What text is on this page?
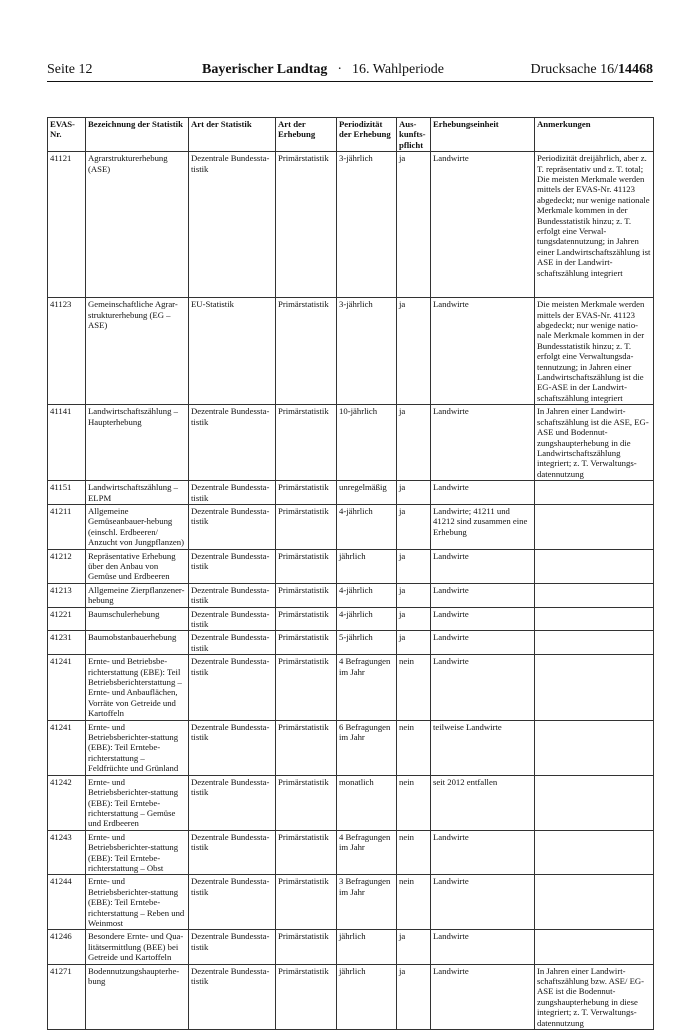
Seite 12	Bayerischer Landtag · 16. Wahlperiode	Drucksache 16/14468
EVAS-Nr.	Bezeichnung der Statistik	Art der Statistik	Art der Erhebung	Periodizität der Erhebung	Aus-kunfts-pflicht	Erhebungseinheit	Anmerkungen
41121	Agrarstrukturerhebung (ASE)	Dezentrale Bundessta-tistik	Primärstatistik	3-jährlich	ja	Landwirte	Periodizität dreijährlich, aber z. T. repräsentativ und z. T. total; Die meisten Merkmale werden mittels der EVAS-Nr. 41123 abgedeckt; nur wenige nationale Merkmale kommen in der Bundesstatistik hinzu; z. T. erfolgt eine Verwal-tungsdatennutzung; in Jahren einer Landwirtschaftszählung ist ASE in der Landwirt-schaftszählung integriert
41123	Gemeinschaftliche Agrar-strukturerhebung (EG – ASE)	EU-Statistik	Primärstatistik	3-jährlich	ja	Landwirte	Die meisten Merkmale werden mittels der EVAS-Nr. 41123 abgedeckt; nur wenige natio-nale Merkmale kommen in der Bundesstatistik hinzu; z. T. erfolgt eine Verwaltungsda-tennutzung; in Jahren einer Landwirtschaftszählung ist die EG-ASE in der Landwirt-schaftszählung integriert
41141	Landwirtschaftszählung – Haupterhebung	Dezentrale Bundessta-tistik	Primärstatistik	10-jährlich	ja	Landwirte	In Jahren einer Landwirt-schaftszählung ist die ASE, EG-ASE und Bodennut-zungshaupterhebung in die Landwirtschaftszählung integriert; z. T. Verwaltungs-datennutzung
41151	Landwirtschaftszählung – ELPM	Dezentrale Bundessta-tistik	Primärstatistik	unregelmäßig	ja	Landwirte	
41211	Allgemeine Gemüseanbauer-hebung (einschl. Erdbeeren/ Anzucht von Jungpflanzen)	Dezentrale Bundessta-tistik	Primärstatistik	4-jährlich	ja	Landwirte; 41211 und 41212 sind zusammen eine Erhebung	
41212	Repräsentative Erhebung über den Anbau von Gemüse und Erdbeeren	Dezentrale Bundessta-tistik	Primärstatistik	jährlich	ja	Landwirte	
41213	Allgemeine Zierpflanzener-hebung	Dezentrale Bundessta-tistik	Primärstatistik	4-jährlich	ja	Landwirte	
41221	Baumschulerhebung	Dezentrale Bundessta-tistik	Primärstatistik	4-jährlich	ja	Landwirte	
41231	Baumobstanbauerhebung	Dezentrale Bundessta-tistik	Primärstatistik	5-jährlich	ja	Landwirte	
41241	Ernte- und Betriebsbe-richterstattung (EBE): Teil Betriebsberichterstattung – Ernte- und Anbauflächen, Vorräte von Getreide und Kartoffeln	Dezentrale Bundessta-tistik	Primärstatistik	4 Befragungen im Jahr	nein	Landwirte	
41241	Ernte- und Betriebsberichter-stattung (EBE): Teil Erntebe-richterstattung – Feldfrüchte und Grünland	Dezentrale Bundessta-tistik	Primärstatistik	6 Befragungen im Jahr	nein	teilweise Landwirte	
41242	Ernte- und Betriebsberichter-stattung (EBE): Teil Erntebe-richterstattung – Gemüse und Erdbeeren	Dezentrale Bundessta-tistik	Primärstatistik	monatlich	nein	seit 2012 entfallen	
41243	Ernte- und Betriebsberichter-stattung (EBE): Teil Erntebe-richterstattung – Obst	Dezentrale Bundessta-tistik	Primärstatistik	4 Befragungen im Jahr	nein	Landwirte	
41244	Ernte- und Betriebsberichter-stattung (EBE): Teil Erntebe-richterstattung – Reben und Weinmost	Dezentrale Bundessta-tistik	Primärstatistik	3 Befragungen im Jahr	nein	Landwirte	
41246	Besondere Ernte- und Qua-litätsermittlung (BEE) bei Getreide und Kartoffeln	Dezentrale Bundessta-tistik	Primärstatistik	jährlich	ja	Landwirte	
41271	Bodennutzungshaupterhe-bung	Dezentrale Bundessta-tistik	Primärstatistik	jährlich	ja	Landwirte	In Jahren einer Landwirt-schaftszählung bzw. ASE/ EG-ASE ist die Bodennut-zungshaupterhebung in diese integriert; z. T. Verwaltungs-datennutzung
